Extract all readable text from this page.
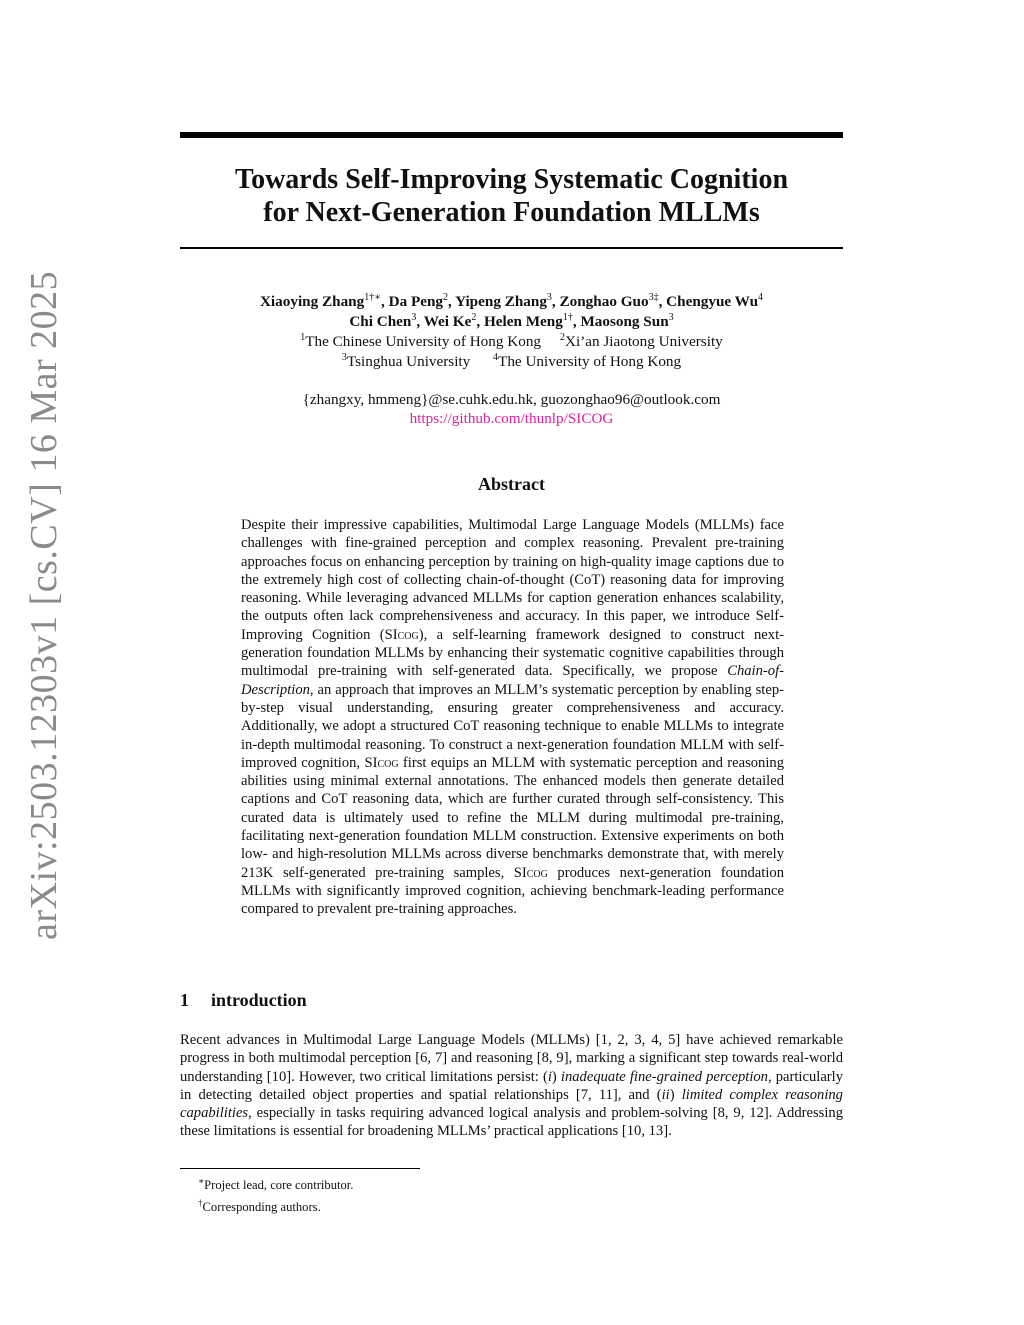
arXiv:2503.12303v1 [cs.CV] 16 Mar 2025
Towards Self-Improving Systematic Cognition
for Next-Generation Foundation MLLMs
Xiaoying Zhang$^{1\dagger∗}$, Da Peng$^2$, Yipeng Zhang$^3$, Zonghao Guo$^{3\ddagger}$, Chengyue Wu$^4$
Chi Chen$^3$, Wei Ke$^2$, Helen Meng$^{1\dagger}$, Maosong Sun$^3$
$^1$The Chinese University of Hong Kong $^2$Xi’an Jiaotong University
$^3$Tsinghua University $^4$The University of Hong Kong
{zhangxy, hmmeng}@se.cuhk.edu.hk, guozonghao96@outlook.com
https://github.com/thunlp/SICOG
Abstract

Despite their impressive capabilities, Multimodal Large Language Models (MLLMs) face challenges with fine-grained perception and complex reasoning. Prevalent pre-training approaches focus on enhancing perception by training on high-quality image captions due to the extremely high cost of collecting chain-of-thought (CoT) reasoning data for improving reasoning. While leveraging advanced MLLMs for caption generation enhances scalability, the outputs often lack comprehensiveness and accuracy. In this paper, we introduce Self-Improving Cognition (SIcog), a self-learning framework designed to construct next-generation foundation MLLMs by enhancing their systematic cognitive capabilities through multimodal pre-training with self-generated data. Specifically, we propose Chain-of-Description, an approach that improves an MLLM’s systematic perception by enabling step-by-step visual understanding, ensuring greater comprehensiveness and accuracy. Additionally, we adopt a structured CoT reasoning technique to enable MLLMs to integrate in-depth multimodal reasoning. To construct a next-generation foundation MLLM with self-improved cognition, SIcog first equips an MLLM with systematic perception and reasoning abilities using minimal external annotations. The enhanced models then generate detailed captions and CoT reasoning data, which are further curated through self-consistency. This curated data is ultimately used to refine the MLLM during multimodal pre-training, facilitating next-generation foundation MLLM construction. Extensive experiments on both low- and high-resolution MLLMs across diverse benchmarks demonstrate that, with merely 213K self-generated pre-training samples, SIcog produces next-generation foundation MLLMs with significantly improved cognition, achieving benchmark-leading performance compared to prevalent pre-training approaches.

1 introduction

Recent advances in Multimodal Large Language Models (MLLMs) [1, 2, 3, 4, 5] have achieved remarkable progress in both multimodal perception [6, 7] and reasoning [8, 9], marking a significant step towards real-world understanding [10]. However, two critical limitations persist: (i) inadequate fine-grained perception, particularly in detecting detailed object properties and spatial relationships [7, 11], and (ii) limited complex reasoning capabilities, especially in tasks requiring advanced logical analysis and problem-solving [8, 9, 12]. Addressing these limitations is essential for broadening MLLMs’ practical applications [10, 13].

∗Project lead, core contributor.
†Corresponding authors.
